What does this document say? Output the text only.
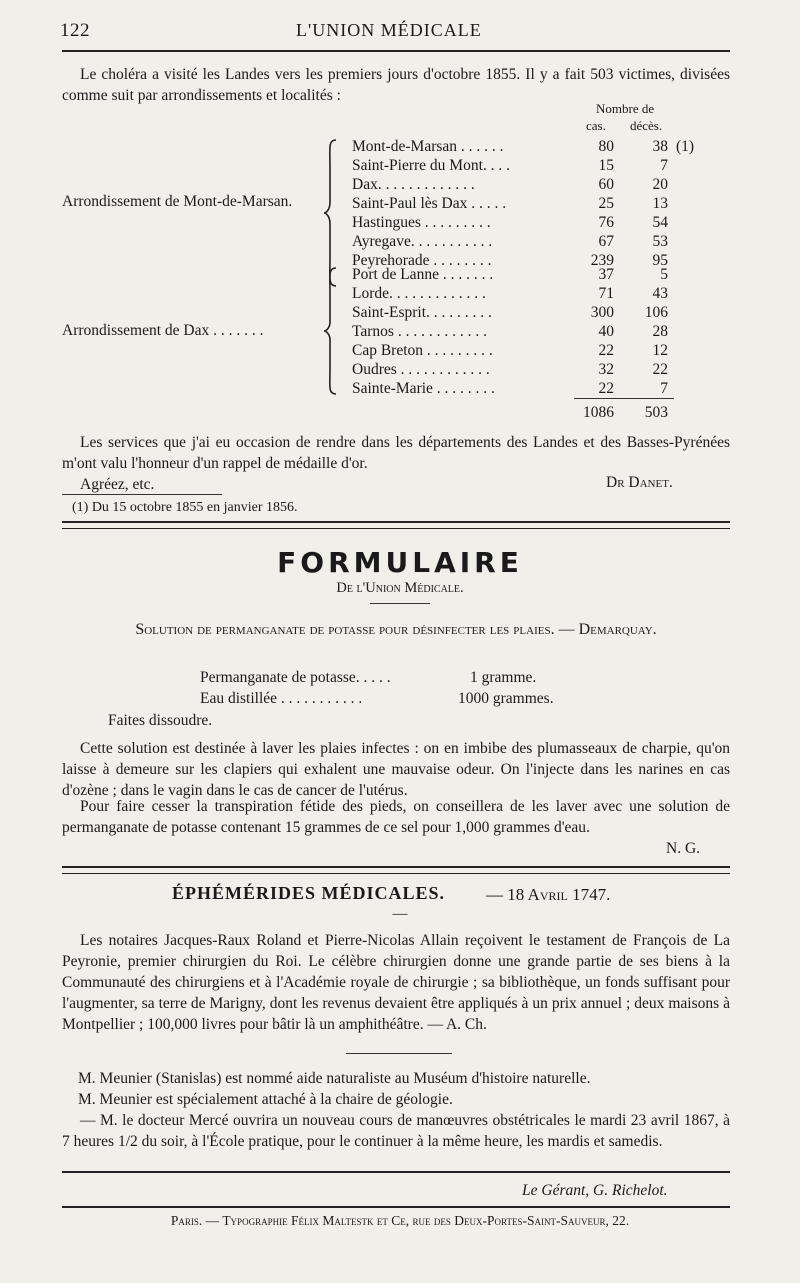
122	L'UNION MÉDICALE
Le choléra a visité les Landes vers les premiers jours d'octobre 1855. Il y a fait 503 victimes, divisées comme suit par arrondissements et localités :
Nombre de
cas. décès.
Arrondissement de Mont-de-Marsan.
Arrondissement de Dax . . . . . . .
Mont-de-Marsan . . . . . .	80	38 (1)
Saint-Pierre du Mont. . . .	15	7
Dax. . . . . . . . . . . . .	60	20
Saint-Paul lès Dax . . . . .	25	13
Hastingues . . . . . . . . .	76	54
Ayregave. . . . . . . . . . .	67	53
Peyrehorade . . . . . . . .	239	95
Port de Lanne . . . . . . .	37	5
Lorde. . . . . . . . . . . . .	71	43
Saint-Esprit. . . . . . . . .	300	106
Tarnos . . . . . . . . . . . .	40	28
Cap Breton . . . . . . . . .	22	12
Oudres . . . . . . . . . . . .	32	22
Sainte-Marie . . . . . . . .	22	7
1086	503
Les services que j'ai eu occasion de rendre dans les départements des Landes et des Basses-Pyrénées m'ont valu l'honneur d'un rappel de médaille d'or.
Agréez, etc.	Dr Danet.
(1) Du 15 octobre 1855 en janvier 1856.
FORMULAIRE
De l'Union Médicale.
Solution de permanganate de potasse pour désinfecter les plaies. — Demarquay.
Permanganate de potasse. . . . .	1 gramme.
Eau distillée . . . . . . . . . . .	1000 grammes.
Faites dissoudre.
Cette solution est destinée à laver les plaies infectes : on en imbibe des plumasseaux de charpie, qu'on laisse à demeure sur les clapiers qui exhalent une mauvaise odeur. On l'injecte dans les narines en cas d'ozène ; dans le vagin dans le cas de cancer de l'utérus.
Pour faire cesser la transpiration fétide des pieds, on conseillera de les laver avec une solution de permanganate de potasse contenant 15 grammes de ce sel pour 1,000 grammes d'eau.
N. G.
ÉPHÉMÉRIDES MÉDICALES. — 18 Avril 1747.
—
Les notaires Jacques-Raux Roland et Pierre-Nicolas Allain reçoivent le testament de François de La Peyronie, premier chirurgien du Roi. Le célèbre chirurgien donne une grande partie de ses biens à la Communauté des chirurgiens et à l'Académie royale de chirurgie ; sa bibliothèque, un fonds suffisant pour l'augmenter, sa terre de Marigny, dont les revenus devaient être appliqués à un prix annuel ; deux maisons à Montpellier ; 100,000 livres pour bâtir là un amphithéâtre. — A. Ch.
M. Meunier (Stanislas) est nommé aide naturaliste au Muséum d'histoire naturelle.
M. Meunier est spécialement attaché à la chaire de géologie.
— M. le docteur Mercé ouvrira un nouveau cours de manœuvres obstétricales le mardi 23 avril 1867, à 7 heures 1/2 du soir, à l'École pratique, pour le continuer à la même heure, les mardis et samedis.
Le Gérant, G. Richelot.
Paris. — Typographie Félix Maltestk et Ce, rue des Deux-Portes-Saint-Sauveur, 22.
